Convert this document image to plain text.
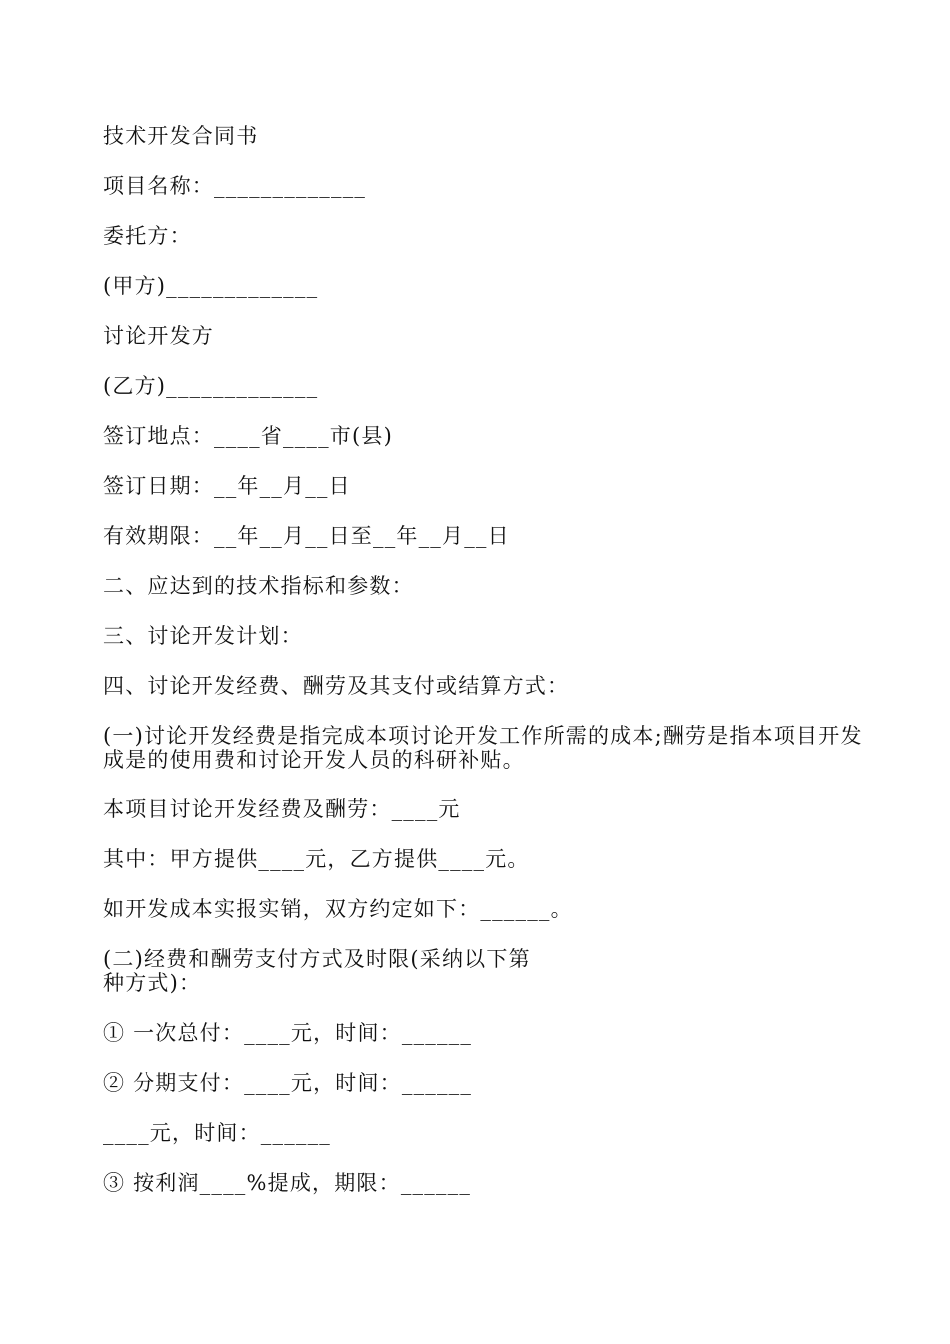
技术开发合同书
项目名称：_____________
委托方：
(甲方)_____________
讨论开发方
(乙方)_____________
签订地点：____省____市(县)
签订日期：__年__月__日
有效期限：__年__月__日至__年__月__日
二、应达到的技术指标和参数：
三、讨论开发计划：
四、讨论开发经费、酬劳及其支付或结算方式：
(一)讨论开发经费是指完成本项讨论开发工作所需的成本;酬劳是指本项目开发成是的使用费和讨论开发人员的科研补贴。
本项目讨论开发经费及酬劳：____元
其中：甲方提供____元，乙方提供____元。
如开发成本实报实销，双方约定如下：______。
(二)经费和酬劳支付方式及时限(采纳以下第
种方式)：
① 一次总付：____元，时间：______
② 分期支付：____元，时间：______
____元，时间：______
③ 按利润____%提成，期限：______
